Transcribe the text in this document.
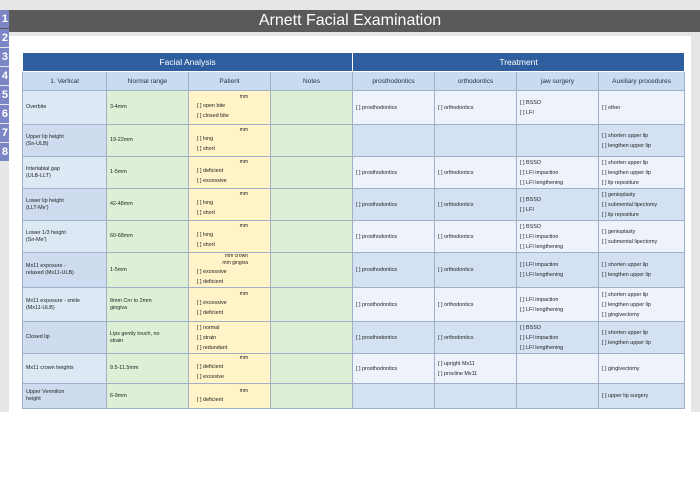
Arnett Facial Examination
1
2
3
4
5
6
7
8
Facial Analysis				Treatment			
1. Vertical	Normal range	Patient	Notes	prosthodontics	orthodontics	jaw surgery	Auxiliary procedures

Overbite	3-4mm	mm
[ ] open bite
[ ] closed bite		[ ] prosthodontics	[ ] orthodontics	[ ] BSSO
[ ] LFI	[ ] other

Upper lip height
(Sn-ULB)	19-22mm	mm
[ ] long
[ ] short					[ ] shorten upper lip
[ ] lengthen upper lip

Interlabial gap
(ULB-LLT)	1-5mm	mm
[ ] deficient
[ ] excessive		[ ] prosthodontics	[ ] orthodontics	[ ] BSSO
[ ] LFI impaction
[ ] LFI lengthening	[ ] shorten upper lip
[ ] lengthen upper lip
[ ] lip repositure

Lower lip height
(LLT-Me')	42-48mm	mm
[ ] long
[ ] short		[ ] prosthodontics	[ ] orthodontics	[ ] BSSO
[ ] LFI	[ ] genioplasty
[ ] submental lipectomy
[ ] lip repositure

Lower 1/3 height
(Sn-Me')	60-68mm	mm
[ ] long
[ ] short		[ ] prosthodontics	[ ] orthodontics	[ ] BSSO
[ ] LFI impaction
[ ] LFI lengthening	[ ] genioplasty
[ ] submental lipectomy

Mx11 exposure -
relaxed (Mx11-ULB)	1-5mm	mm crown
mm gingiva
[ ] excessive
[ ] deficient		[ ] prosthodontics	[ ] orthodontics	[ ] LFI impaction
[ ] LFI lengthening	[ ] shorten upper lip
[ ] lengthen upper lip

Mx11 exposure - smile
(Mx11-ULB)	8mm Crn to 2mm
gingiva	mm
[ ] excessive
[ ] deficient		[ ] prosthodontics	[ ] orthodontics	[ ] LFI impaction
[ ] LFI lengthening	[ ] shorten upper lip
[ ] lengthen upper lip
[ ] gingivectomy

Closed lip	Lips gently touch, no
strain	[ ] normal
[ ] strain
[ ] redundant		[ ] prosthodontics	[ ] orthodontics	[ ] BSSO
[ ] LFI impaction
[ ] LFI lengthening	[ ] shorten upper lip
[ ] lengthen upper lip

Mx11 crown heights	9.5-11.5mm	mm
[ ] deficient
[ ] excesive		[ ] prosthodontics	[ ] upright Mx11
[ ] procline Mx11		[ ] gingivectomy

Upper Vermilion
height	6-9mm	mm
[ ] deficient					[ ] upper lip surgery
